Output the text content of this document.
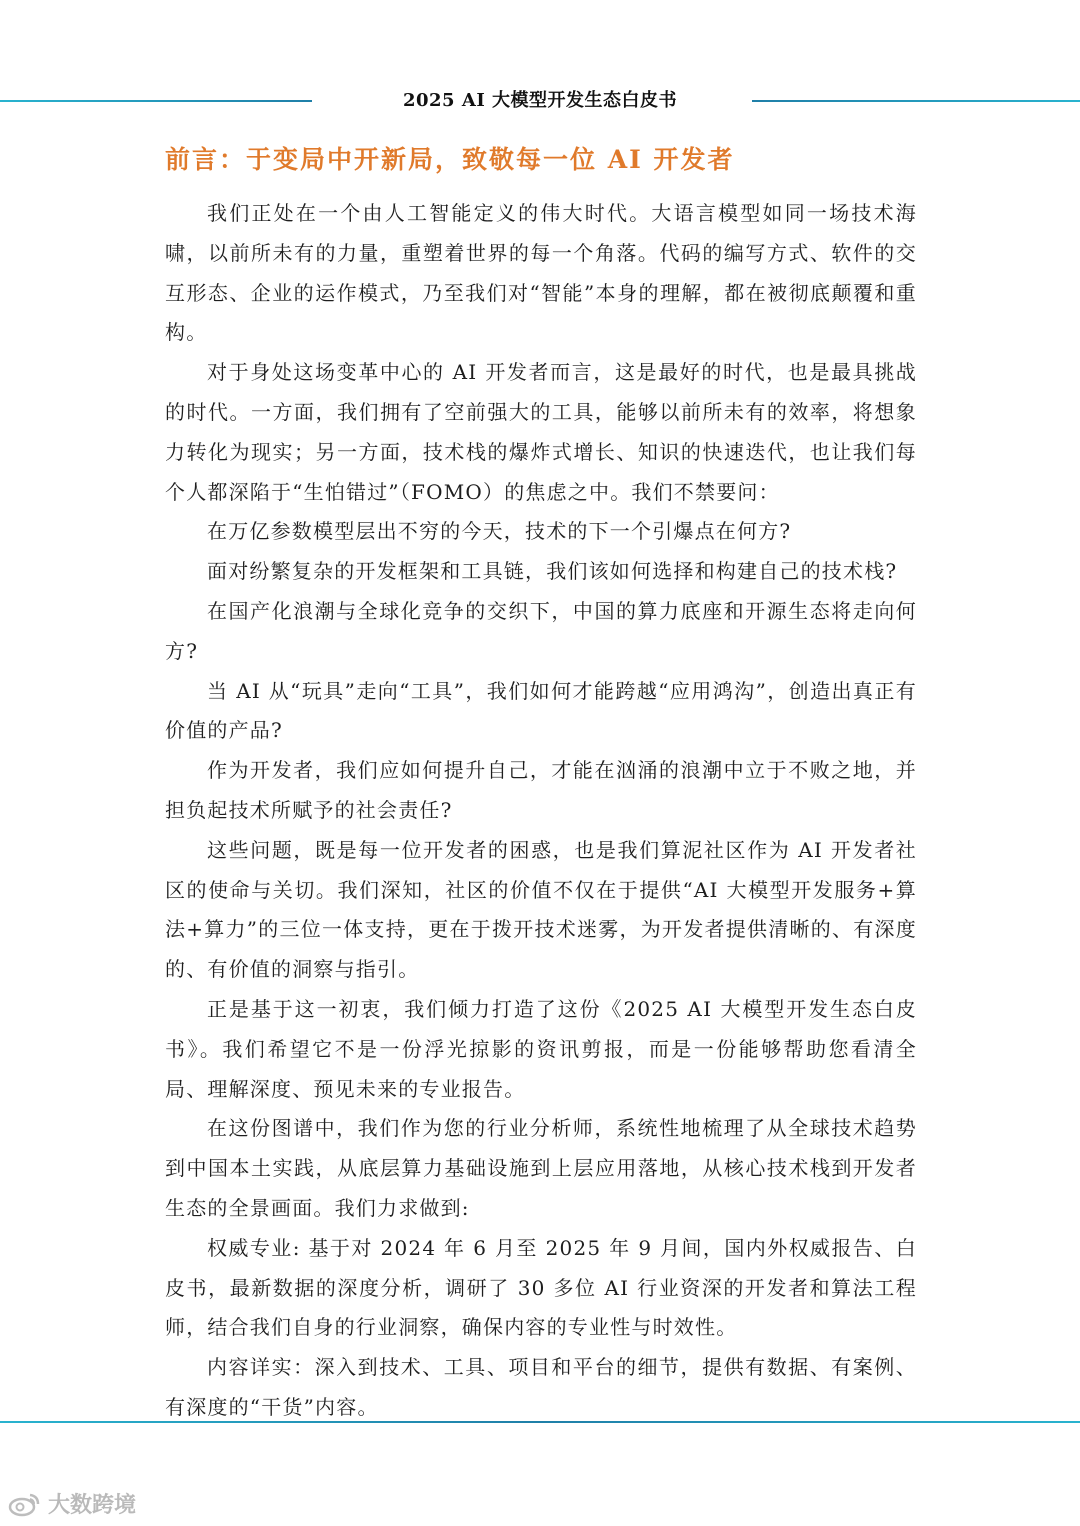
2025 AI 大模型开发生态白皮书
前言：于变局中开新局，致敬每一位 AI 开发者

我们正处在一个由人工智能定义的伟大时代。大语言模型如同一场技术海啸，以前所未有的力量，重塑着世界的每一个角落。代码的编写方式、软件的交互形态、企业的运作模式，乃至我们对“智能”本身的理解，都在被彻底颠覆和重构。

对于身处这场变革中心的 AI 开发者而言，这是最好的时代，也是最具挑战的时代。一方面，我们拥有了空前强大的工具，能够以前所未有的效率，将想象力转化为现实；另一方面，技术栈的爆炸式增长、知识的快速迭代，也让我们每个人都深陷于“生怕错过”（FOMO）的焦虑之中。我们不禁要问：

在万亿参数模型层出不穷的今天，技术的下一个引爆点在何方?

面对纷繁复杂的开发框架和工具链，我们该如何选择和构建自己的技术栈?

在国产化浪潮与全球化竞争的交织下，中国的算力底座和开源生态将走向何方?

当 AI 从“玩具”走向“工具”，我们如何才能跨越“应用鸿沟”，创造出真正有价值的产品?

作为开发者，我们应如何提升自己，才能在汹涌的浪潮中立于不败之地，并担负起技术所赋予的社会责任?

这些问题，既是每一位开发者的困惑，也是我们算泥社区作为 AI 开发者社区的使命与关切。我们深知，社区的价值不仅在于提供“AI 大模型开发服务+算法+算力”的三位一体支持，更在于拨开技术迷雾，为开发者提供清晰的、有深度的、有价值的洞察与指引。

正是基于这一初衷，我们倾力打造了这份《2025 AI 大模型开发生态白皮书》。我们希望它不是一份浮光掠影的资讯剪报，而是一份能够帮助您看清全局、理解深度、预见未来的专业报告。

在这份图谱中，我们作为您的行业分析师，系统性地梳理了从全球技术趋势到中国本土实践，从底层算力基础设施到上层应用落地，从核心技术栈到开发者生态的全景画面。我们力求做到:

权威专业: 基于对 2024 年 6 月至 2025 年 9 月间，国内外权威报告、白皮书，最新数据的深度分析，调研了 30 多位 AI 行业资深的开发者和算法工程师，结合我们自身的行业洞察，确保内容的专业性与时效性。

内容详实：深入到技术、工具、项目和平台的细节，提供有数据、有案例、有深度的“干货”内容。

大数跨境
